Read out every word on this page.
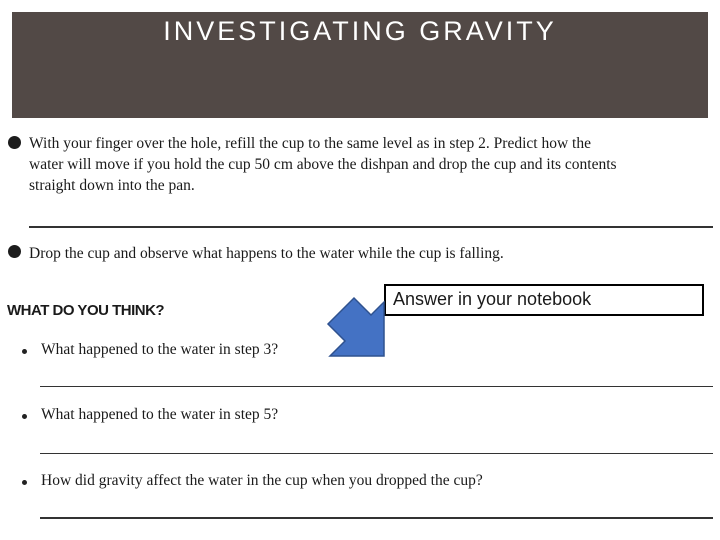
INVESTIGATING GRAVITY
With your finger over the hole, refill the cup to the same level as in step 2. Predict how the
water will move if you hold the cup 50 cm above the dishpan and drop the cup and its contents
straight down into the pan.
Drop the cup and observe what happens to the water while the cup is falling.
WHAT DO YOU THINK?
What happened to the water in step 3?
What happened to the water in step 5?
How did gravity affect the water in the cup when you dropped the cup?
Answer in your notebook
